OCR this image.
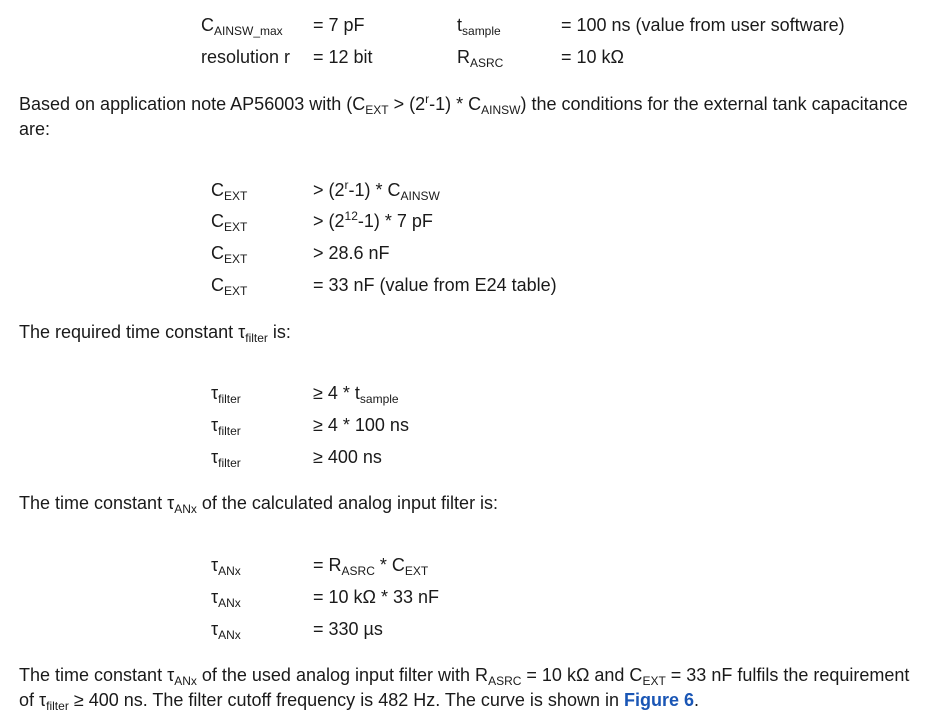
$C_{AINSW\_max} = 7$ pF	$t_{sample}$	= 100 ns (value from user software)
resolution r = 12 bit	$R_{ASRC}$	= 10 kΩ
Based on application note AP56003 with $(C_{EXT} > (2^r-1) * C_{AINSW})$ the conditions for the external tank capacitance are:
$C_{EXT}$	> $(2^r-1) * C_{AINSW}$
$C_{EXT}$	> $(2^{12}-1) * 7$ pF
$C_{EXT}$	> 28.6 nF
$C_{EXT}$	= 33 nF (value from E24 table)
The required time constant $\tau_{filter}$ is:
$\tau_{filter}$	≥ $4 * t_{sample}$
$\tau_{filter}$	≥ 4 * 100 ns
$\tau_{filter}$	≥ 400 ns
The time constant $\tau_{ANx}$ of the calculated analog input filter is:
$\tau_{ANx}$	= $R_{ASRC} * C_{EXT}$
$\tau_{ANx}$	= 10 kΩ * 33 nF
$\tau_{ANx}$	= 330 µs
The time constant $\tau_{ANx}$ of the used analog input filter with $R_{ASRC} = 10$ kΩ and $C_{EXT} = 33$ nF fulfils the requirement of $\tau_{filter} \ge 400$ ns. The filter cutoff frequency is 482 Hz. The curve is shown in Figure 6.
